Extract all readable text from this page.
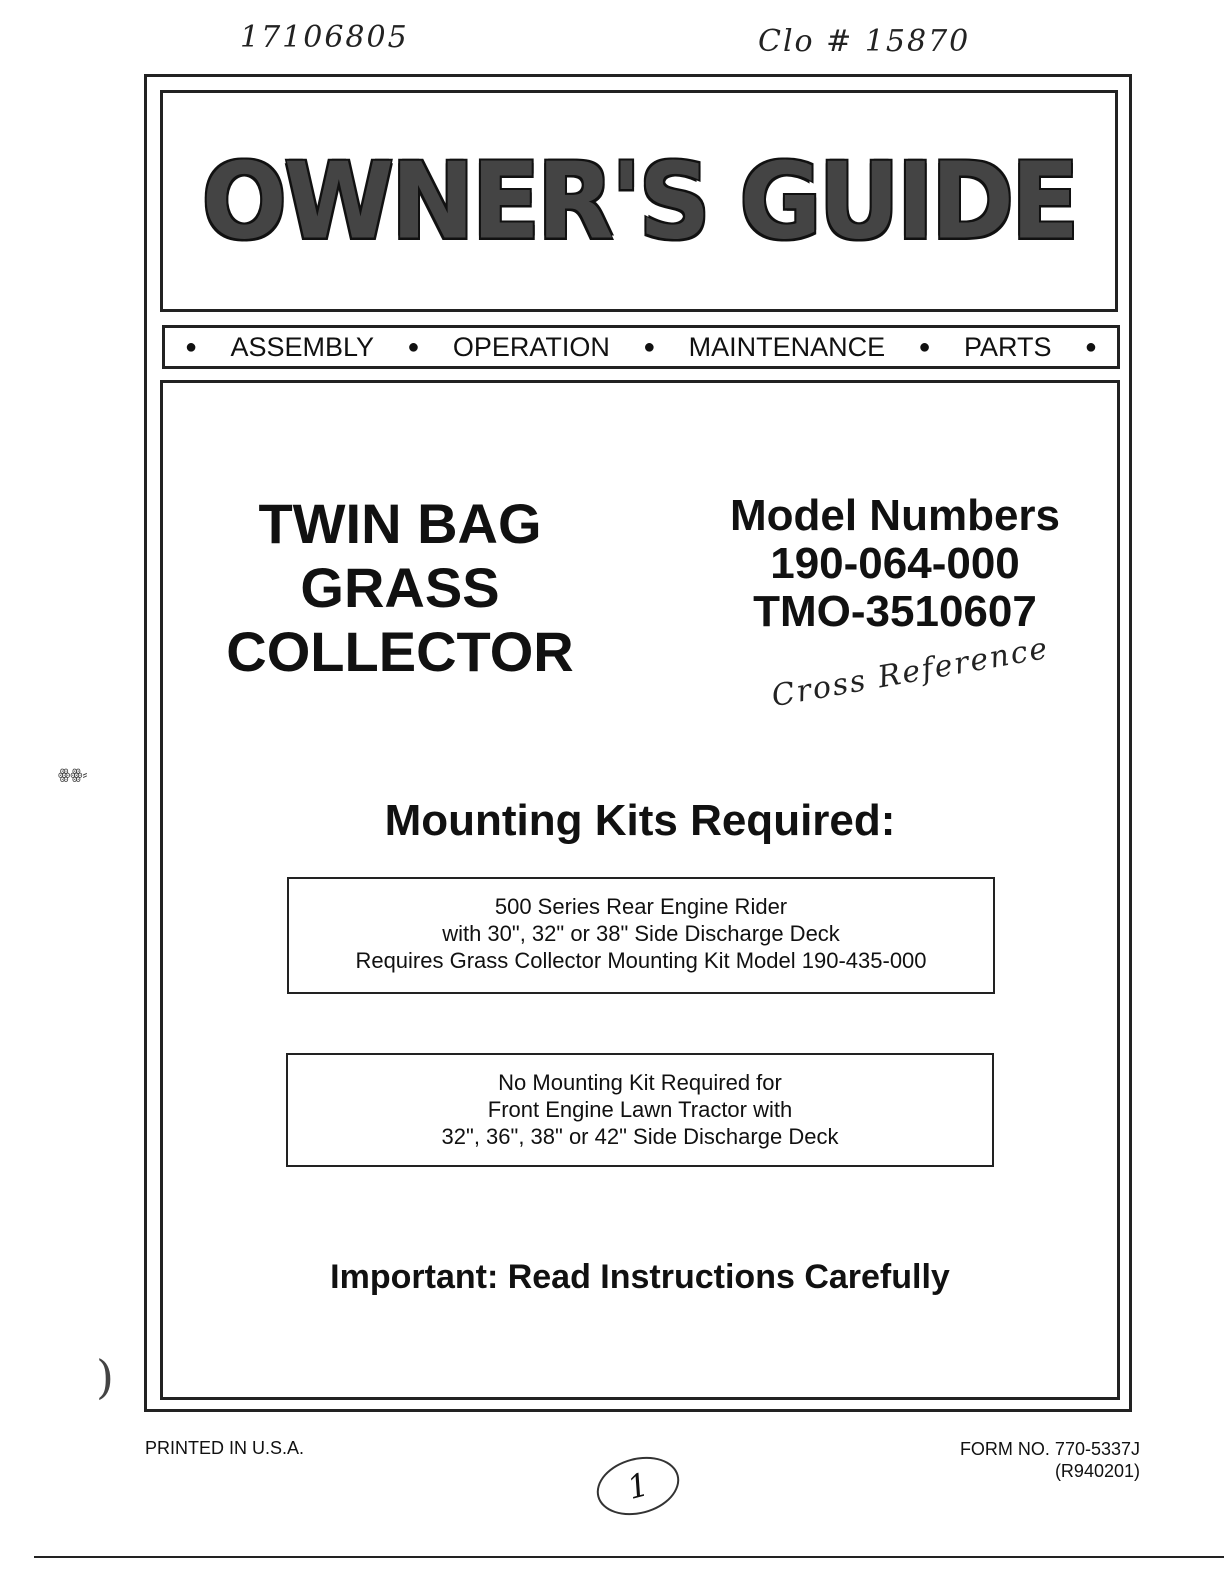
17106805	Clo # 15870
OWNER'S GUIDE
● ASSEMBLY ● OPERATION ● MAINTENANCE ● PARTS ●
TWIN BAG
GRASS
COLLECTOR
Model Numbers
190-064-000
TMO-3510607
Cross Reference
ꙮꙮ⸗
Mounting Kits Required:
500 Series Rear Engine Rider
with 30", 32" or 38" Side Discharge Deck
Requires Grass Collector Mounting Kit Model 190-435-000
No Mounting Kit Required for
Front Engine Lawn Tractor with
32", 36", 38" or 42" Side Discharge Deck
Important: Read Instructions Carefully
)
PRINTED IN U.S.A.	FORM NO. 770-5337J
(R940201)
1
